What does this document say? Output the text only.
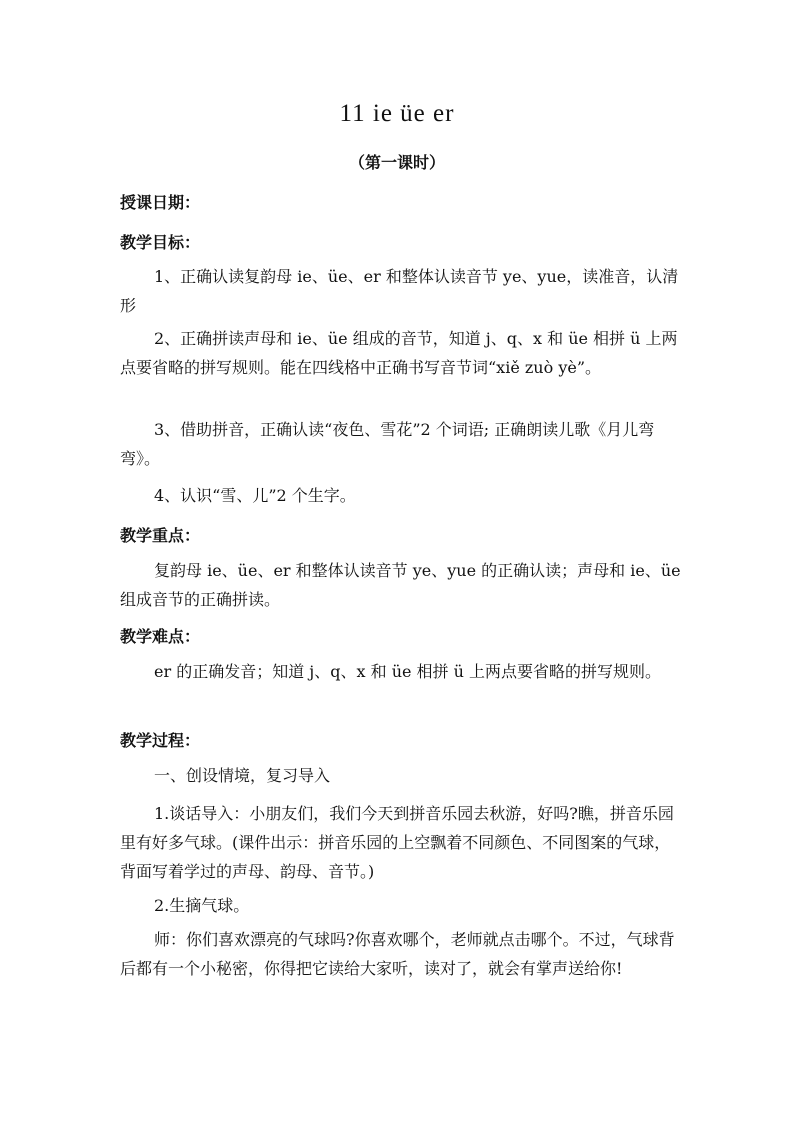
11 ie üe er
（第一课时）
授课日期：
教学目标：
1、正确认读复韵母 ie、üe、er 和整体认读音节 ye、yue，读准音，认清形
2、正确拼读声母和 ie、üe 组成的音节，知道 j、q、x 和 üe 相拼 ü 上两点要省略的拼写规则。能在四线格中正确书写音节词“xiě zuò yè”。
3、借助拼音，正确认读“夜色、雪花”2 个词语; 正确朗读儿歌《月儿弯弯》。
4、认识“雪、儿”2 个生字。
教学重点：
复韵母 ie、üe、er 和整体认读音节 ye、yue 的正确认读；声母和 ie、üe 组成音节的正确拼读。
教学难点：
er 的正确发音；知道 j、q、x 和 üe 相拼 ü 上两点要省略的拼写规则。
教学过程：
一、创设情境，复习导入
1.谈话导入：小朋友们，我们今天到拼音乐园去秋游，好吗?瞧，拼音乐园里有好多气球。(课件出示：拼音乐园的上空飘着不同颜色、不同图案的气球，背面写着学过的声母、韵母、音节。)
2.生摘气球。
师：你们喜欢漂亮的气球吗?你喜欢哪个，老师就点击哪个。不过，气球背后都有一个小秘密，你得把它读给大家听，读对了，就会有掌声送给你!
